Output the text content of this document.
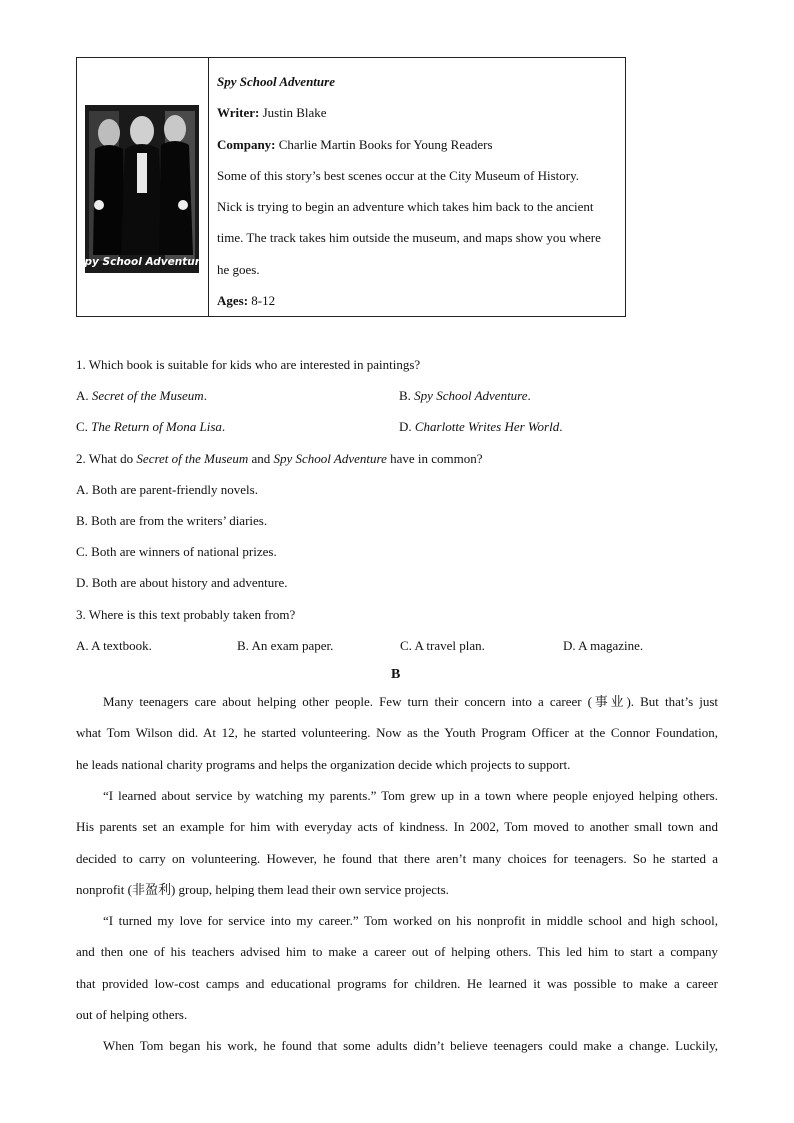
Spy School Adventure
Spy School Adventure
Writer: Justin Blake
Company: Charlie Martin Books for Young Readers
Some of this story’s best scenes occur at the City Museum of History.
Nick is trying to begin an adventure which takes him back to the ancient
time. The track takes him outside the museum, and maps show you where
he goes.
Ages: 8-12
1. Which book is suitable for kids who are interested in paintings?
A. Secret of the Museum.	B. Spy School Adventure.
C. The Return of Mona Lisa.	D. Charlotte Writes Her World.
2. What do Secret of the Museum and Spy School Adventure have in common?
A. Both are parent-friendly novels.
B. Both are from the writers’ diaries.
C. Both are winners of national prizes.
D. Both are about history and adventure.
3. Where is this text probably taken from?
A. A textbook.	B. An exam paper.	C. A travel plan.	D. A magazine.
B
Many teenagers care about helping other people. Few turn their concern into a career (事业). But that’s just
what Tom Wilson did. At 12, he started volunteering. Now as the Youth Program Officer at the Connor Foundation,
he leads national charity programs and helps the organization decide which projects to support.
“I learned about service by watching my parents.” Tom grew up in a town where people enjoyed helping others.
His parents set an example for him with everyday acts of kindness. In 2002, Tom moved to another small town and
decided to carry on volunteering. However, he found that there aren’t many choices for teenagers. So he started a
nonprofit (非盈利) group, helping them lead their own service projects.
“I turned my love for service into my career.” Tom worked on his nonprofit in middle school and high school,
and then one of his teachers advised him to make a career out of helping others. This led him to start a company
that provided low-cost camps and educational programs for children. He learned it was possible to make a career
out of helping others.
When Tom began his work, he found that some adults didn’t believe teenagers could make a change. Luckily,
